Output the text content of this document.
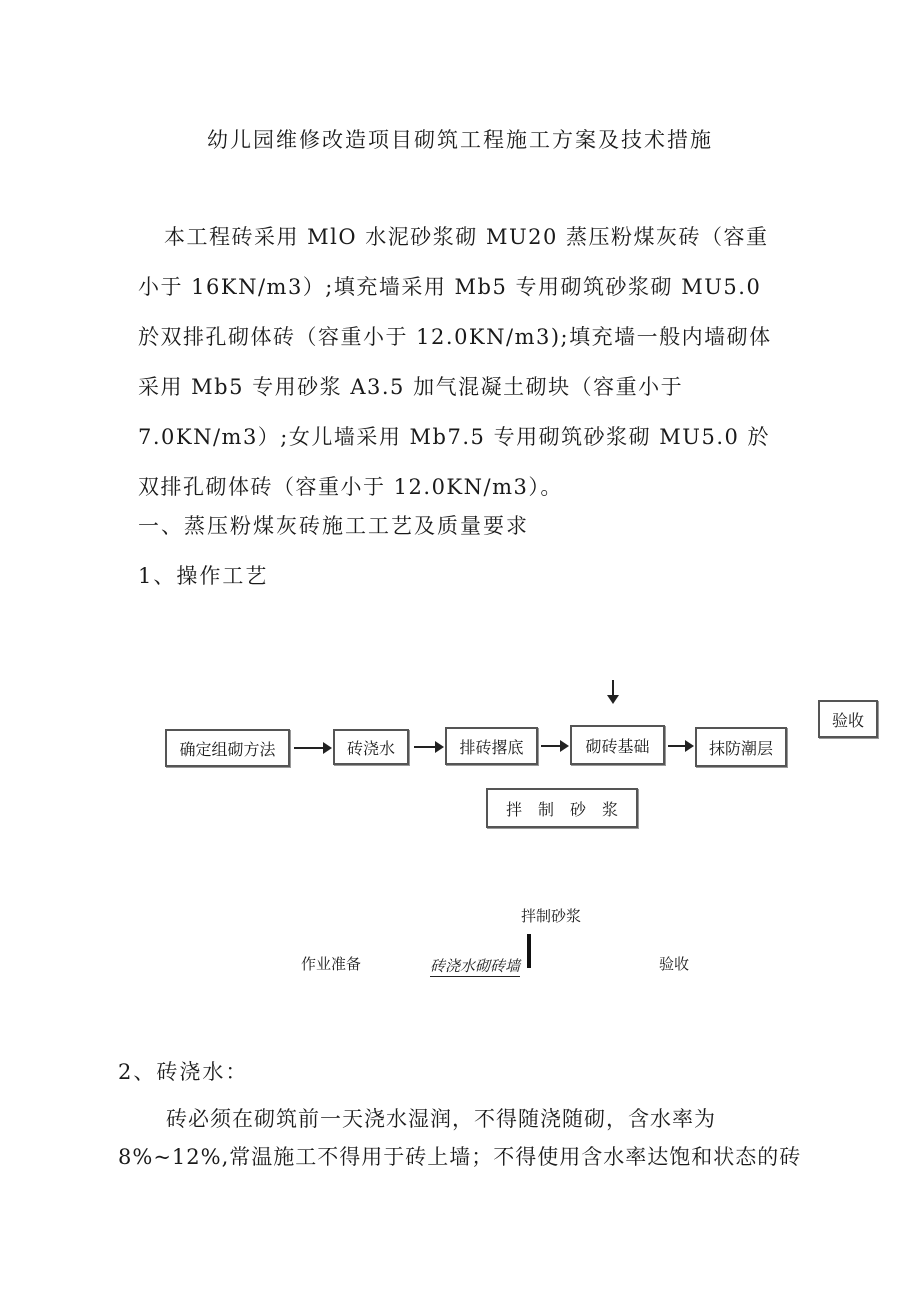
幼儿园维修改造项目砌筑工程施工方案及技术措施

本工程砖采用 MlO 水泥砂浆砌 MU20 蒸压粉煤灰砖（容重小于 16KN/m3）;填充墙采用 Mb5 专用砌筑砂浆砌 MU5.0 於双排孔砌体砖（容重小于 12.0KN/m3);填充墙一般内墙砌体采用 Mb5 专用砂浆 A3.5 加气混凝土砌块（容重小于 7.0KN/m3）;女儿墙采用 Mb7.5 专用砌筑砂浆砌 MU5.0 於双排孔砌体砖（容重小于 12.0KN/m3）。

一、蒸压粉煤灰砖施工工艺及质量要求
1、操作工艺
确定组砌方法	砖浇水	排砖撂底	砌砖基础	抹防潮层
验收
拌　制　砂　浆
拌制砂浆
作业准备	砖浇水砌砖墙	验收
2、砖浇水：
砖必须在砌筑前一天浇水湿润，不得随浇随砌，含水率为
8%~12%,常温施工不得用于砖上墙；不得使用含水率达饱和状态的砖
